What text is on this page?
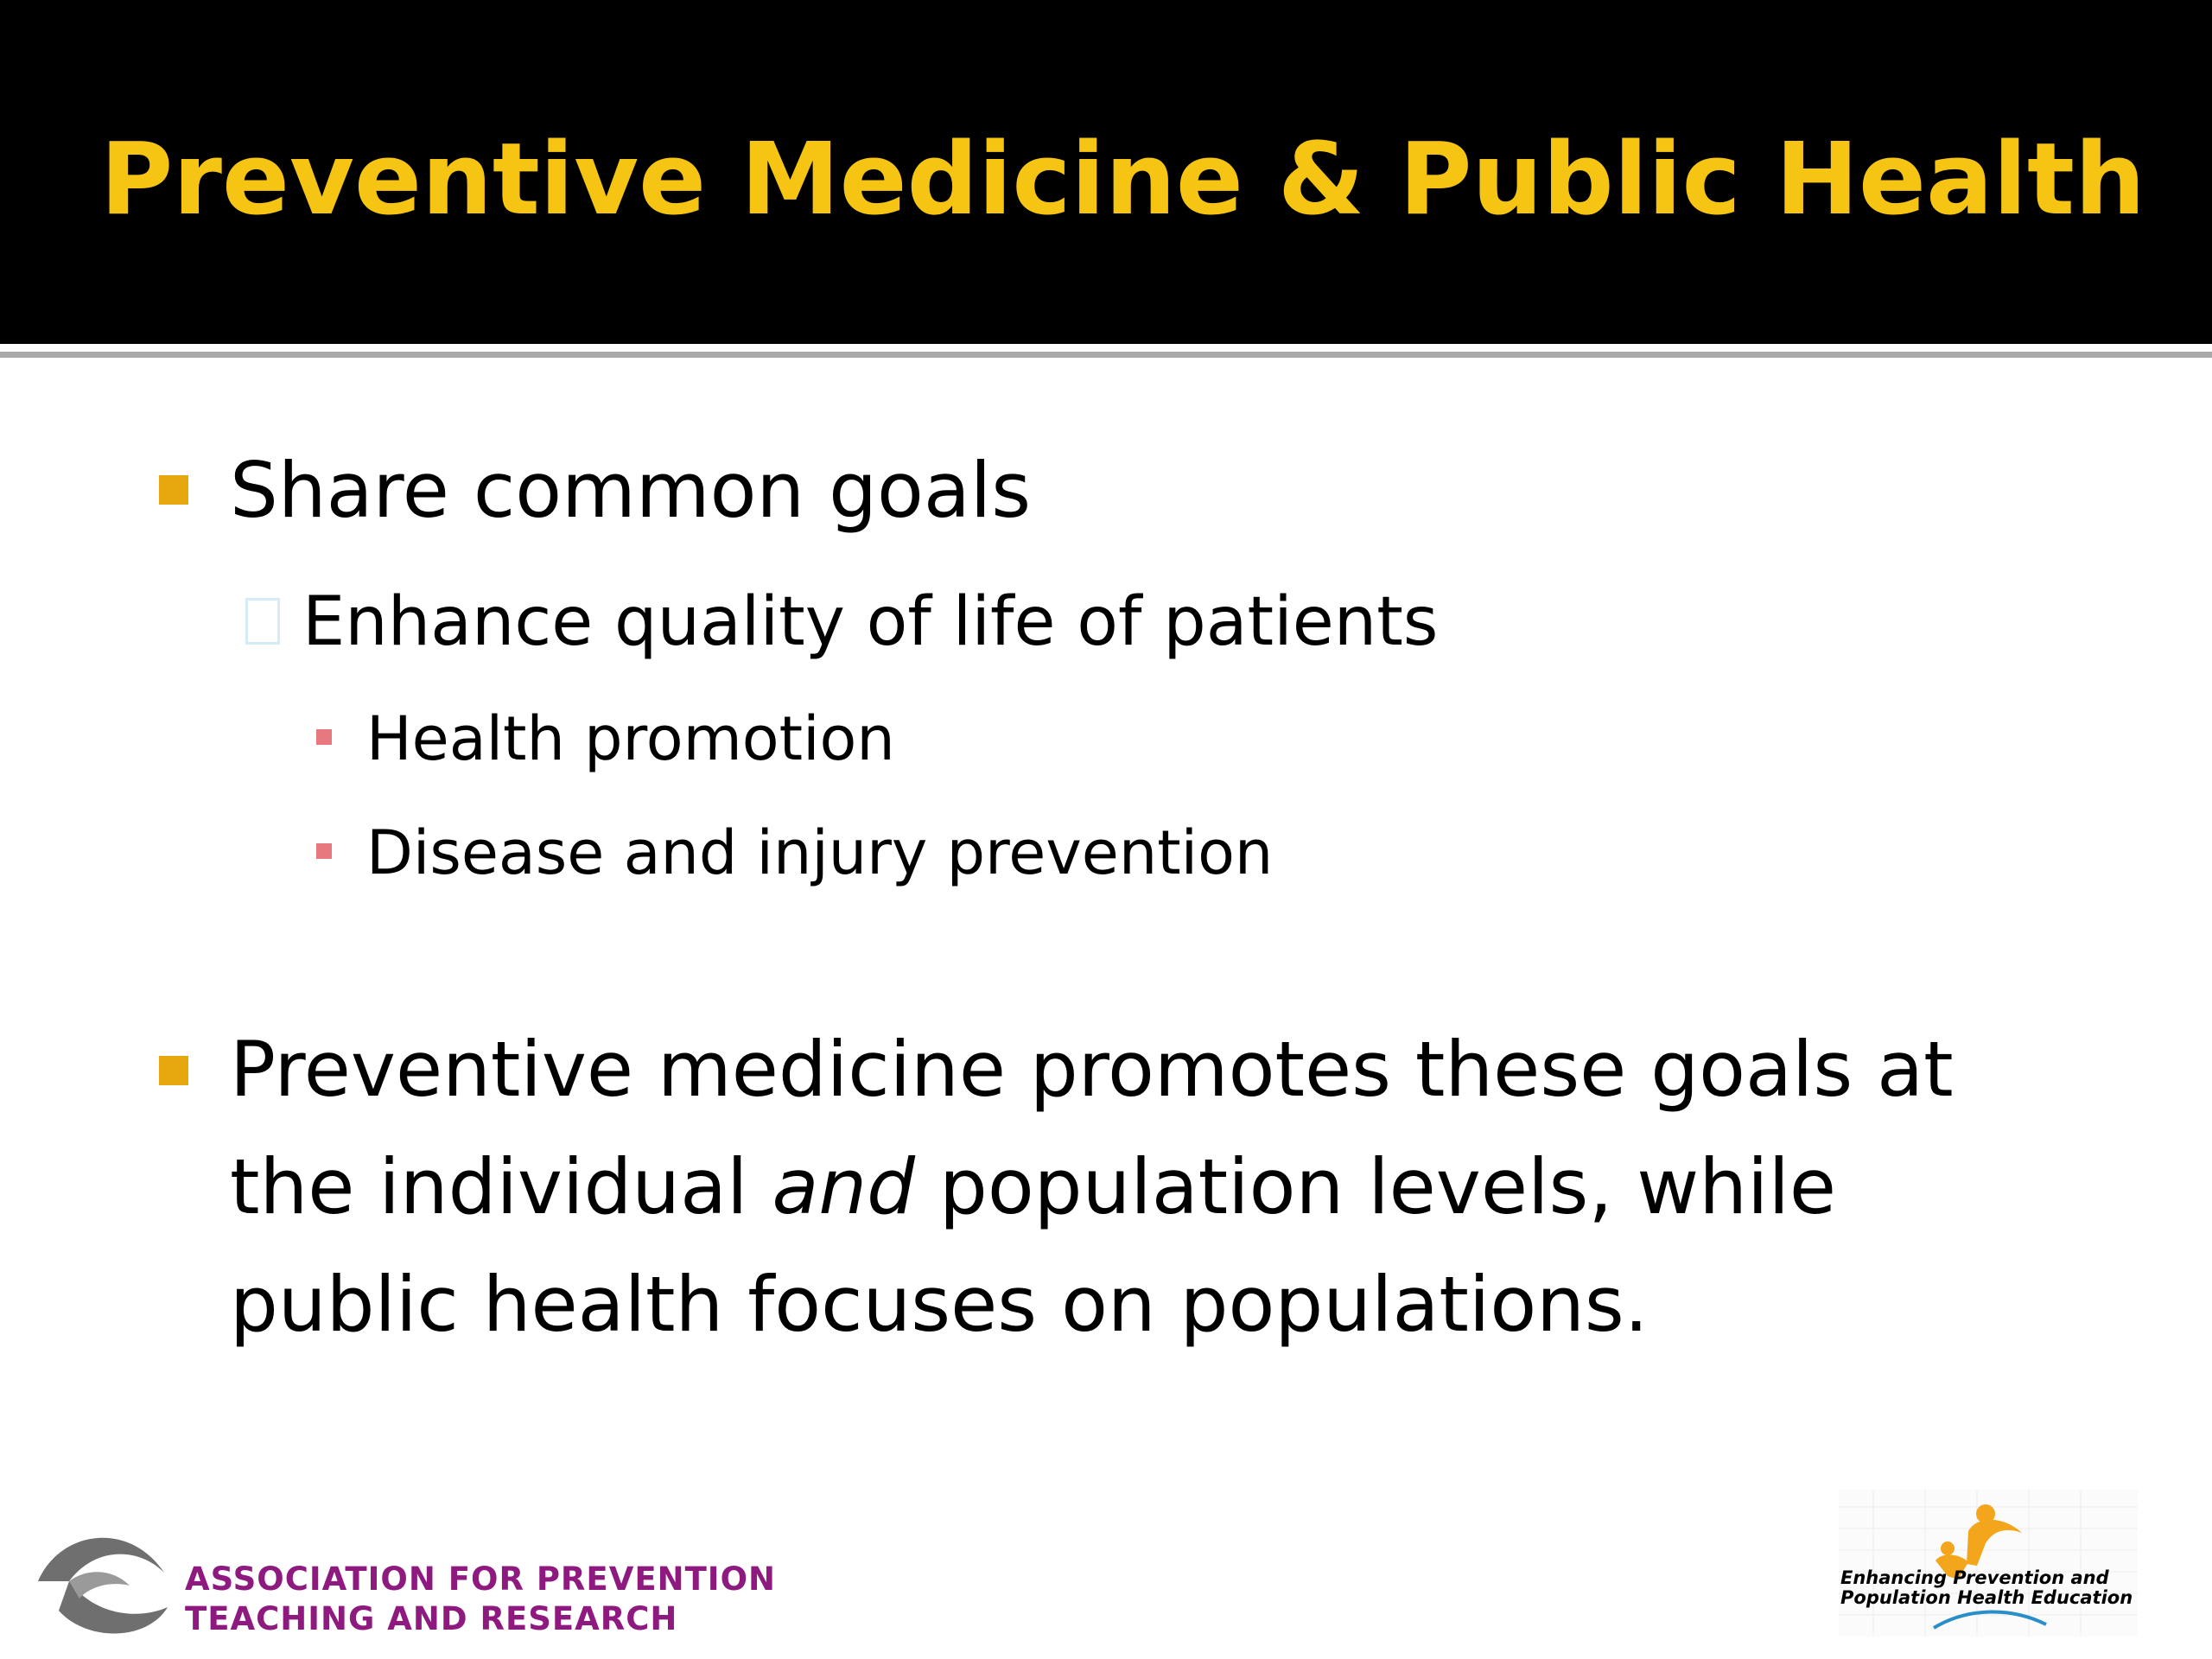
Preventive Medicine & Public Health
Share common goals
Enhance quality of life of patients
Health promotion
Disease and injury prevention
Preventive medicine promotes these goals at
the individual and population levels, while
public health focuses on populations.
ASSOCIATION FOR PREVENTION
TEACHING AND RESEARCH
Enhancing Prevention and
Population Health Education
